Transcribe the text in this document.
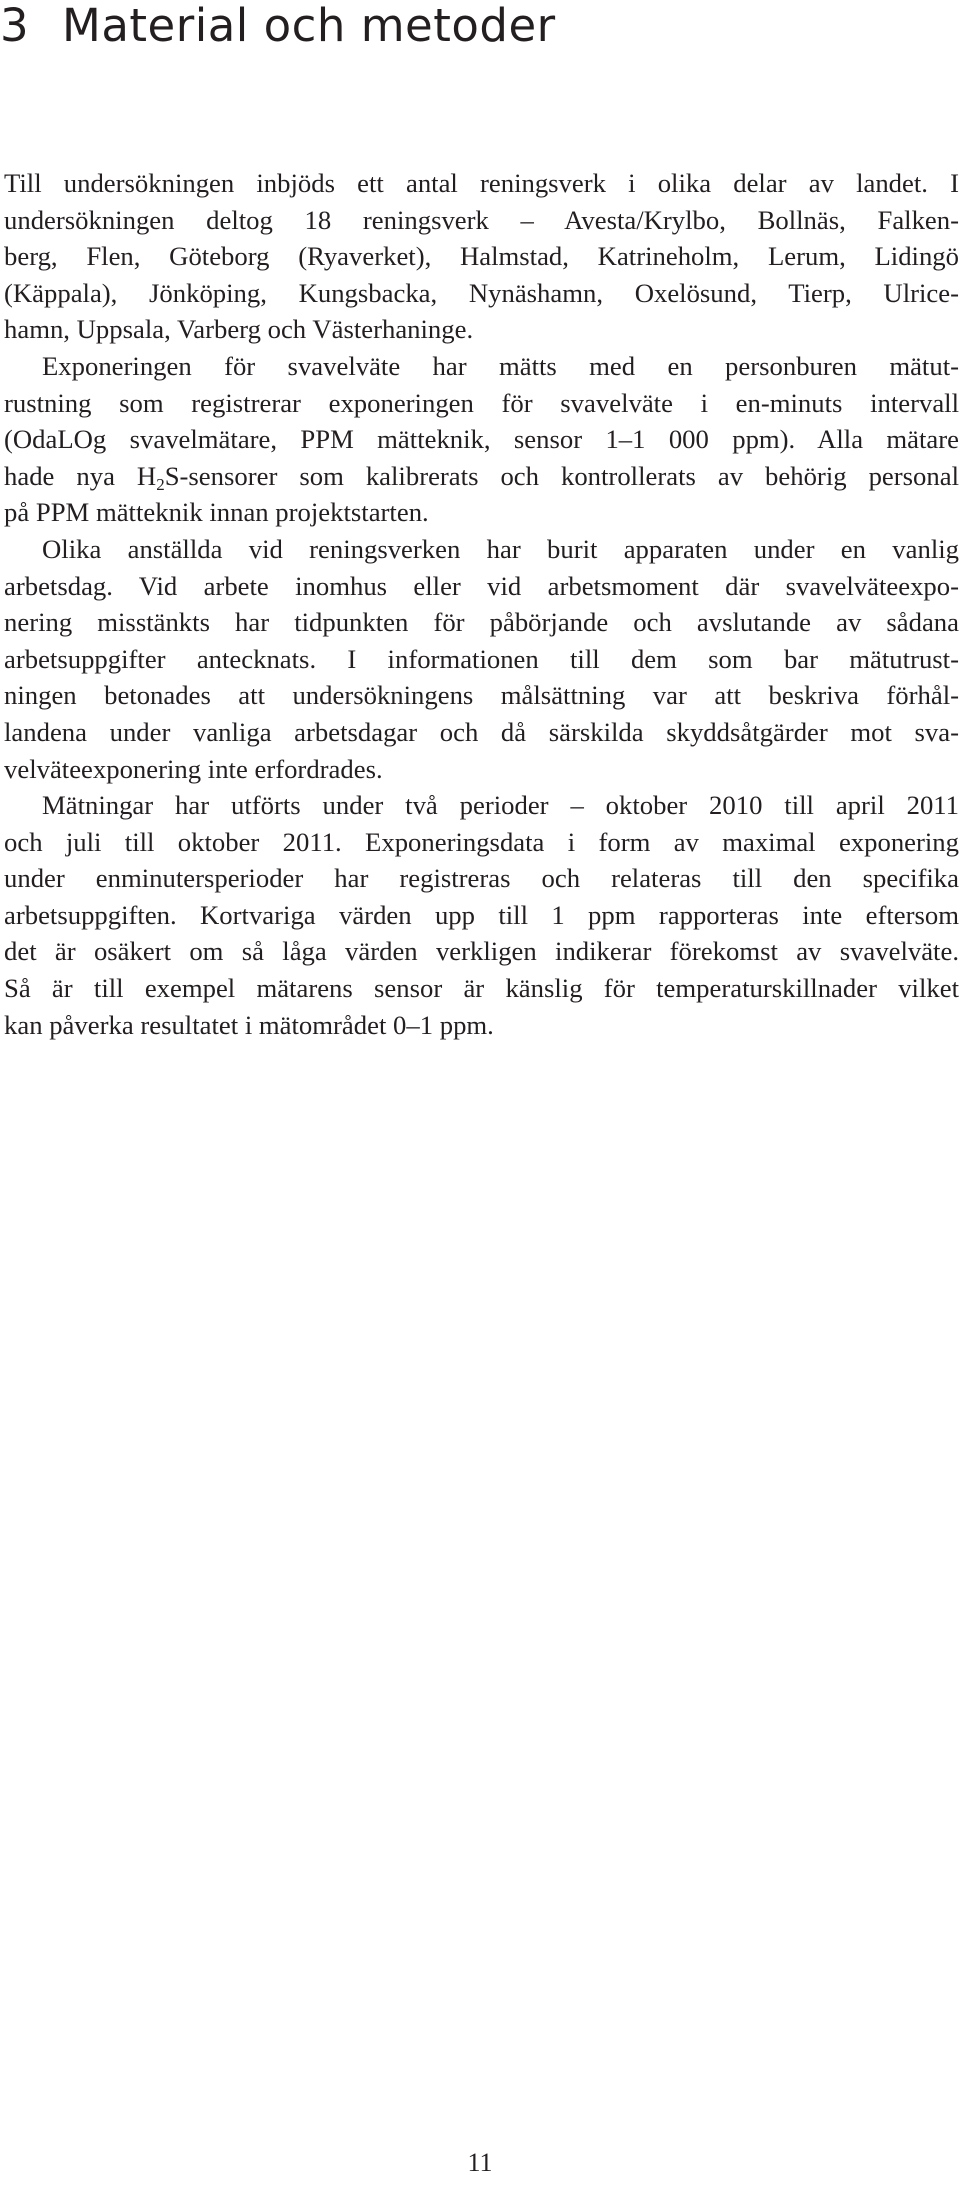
3 Material och metoder

Till undersökningen inbjöds ett antal reningsverk i olika delar av landet. I
undersökningen deltog 18 reningsverk – Avesta/Krylbo, Bollnäs, Falken-
berg, Flen, Göteborg (Ryaverket), Halmstad, Katrineholm, Lerum, Lidingö
(Käppala), Jönköping, Kungsbacka, Nynäshamn, Oxelösund, Tierp, Ulrice-
hamn, Uppsala, Varberg och Västerhaninge.

Exponeringen för svavelväte har mätts med en personburen mätut-
rustning som registrerar exponeringen för svavelväte i en-minuts intervall
(OdaLOg svavelmätare, PPM mätteknik, sensor 1–1 000 ppm). Alla mätare
hade nya $H_2S$-sensorer som kalibrerats och kontrollerats av behörig personal
på PPM mätteknik innan projektstarten.

Olika anställda vid reningsverken har burit apparaten under en vanlig
arbetsdag. Vid arbete inomhus eller vid arbetsmoment där svavelväteexpo-
nering misstänkts har tidpunkten för påbörjande och avslutande av sådana
arbetsuppgifter antecknats. I informationen till dem som bar mätutrust-
ningen betonades att undersökningens målsättning var att beskriva förhål-
landena under vanliga arbetsdagar och då särskilda skyddsåtgärder mot sva-
velväteexponering inte erfordrades.

Mätningar har utförts under två perioder – oktober 2010 till april 2011
och juli till oktober 2011. Exponeringsdata i form av maximal exponering
under enminutersperioder har registreras och relateras till den specifika
arbetsuppgiften. Kortvariga värden upp till 1 ppm rapporteras inte eftersom
det är osäkert om så låga värden verkligen indikerar förekomst av svavelväte.
Så är till exempel mätarens sensor är känslig för temperaturskillnader vilket
kan påverka resultatet i mätområdet 0–1 ppm.

11
